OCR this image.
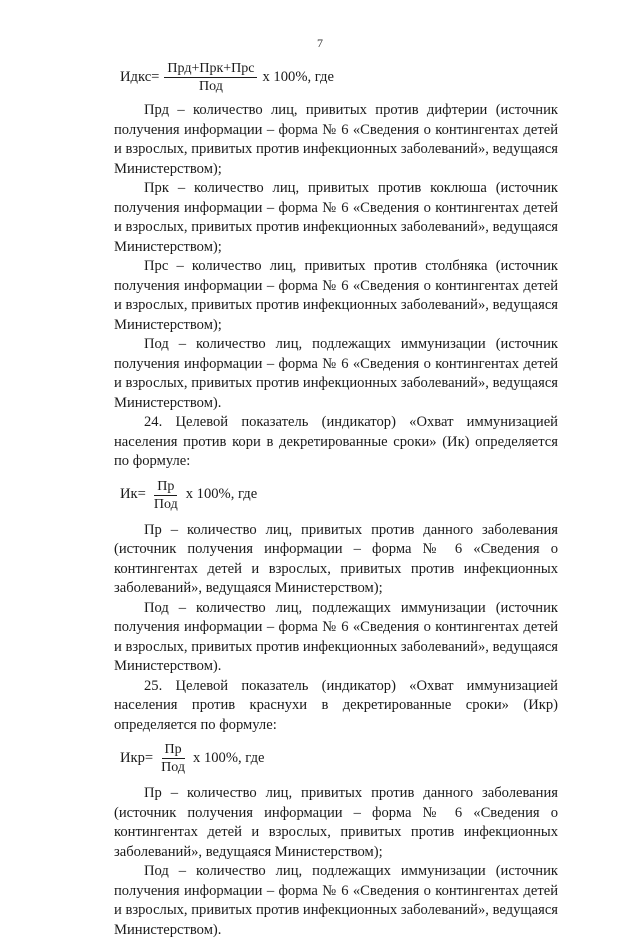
7
Идкс= $\frac{\text{Прд+Прк+Прс}}{\text{Под}}$ х 100%, где

Прд – количество лиц, привитых против дифтерии (источник получения информации – форма № 6 «Сведения о контингентах детей и взрослых, привитых против инфекционных заболеваний», ведущаяся Министерством);

Прк – количество лиц, привитых против коклюша (источник получения информации – форма № 6 «Сведения о контингентах детей и взрослых, привитых против инфекционных заболеваний», ведущаяся Министерством);

Прс – количество лиц, привитых против столбняка (источник получения информации – форма № 6 «Сведения о контингентах детей и взрослых, привитых против инфекционных заболеваний», ведущаяся Министерством);

Под – количество лиц, подлежащих иммунизации (источник получения информации – форма № 6 «Сведения о контингентах детей и взрослых, привитых против инфекционных заболеваний», ведущаяся Министерством).

24. Целевой показатель (индикатор) «Охват иммунизацией населения против кори в декретированные сроки» (Ик) определяется по формуле:

$Ик= \frac{Пр}{\text{Под}}$ х 100%, где

Пр – количество лиц, привитых против данного заболевания (источник получения информации – форма № 6 «Сведения о контингентах детей и взрослых, привитых против инфекционных заболеваний», ведущаяся Министерством);

Под – количество лиц, подлежащих иммунизации (источник получения информации – форма № 6 «Сведения о контингентах детей и взрослых, привитых против инфекционных заболеваний», ведущаяся Министерством).

25. Целевой показатель (индикатор) «Охват иммунизацией населения против краснухи в декретированные сроки» (Икр) определяется по формуле:

$Икр= \frac{Пр}{\text{Под}}$ х 100%, где

Пр – количество лиц, привитых против данного заболевания (источник получения информации – форма № 6 «Сведения о контингентах детей и взрослых, привитых против инфекционных заболеваний», ведущаяся Министерством);

Под – количество лиц, подлежащих иммунизации (источник получения информации – форма № 6 «Сведения о контингентах детей и взрослых, привитых против инфекционных заболеваний», ведущаяся Министерством).
